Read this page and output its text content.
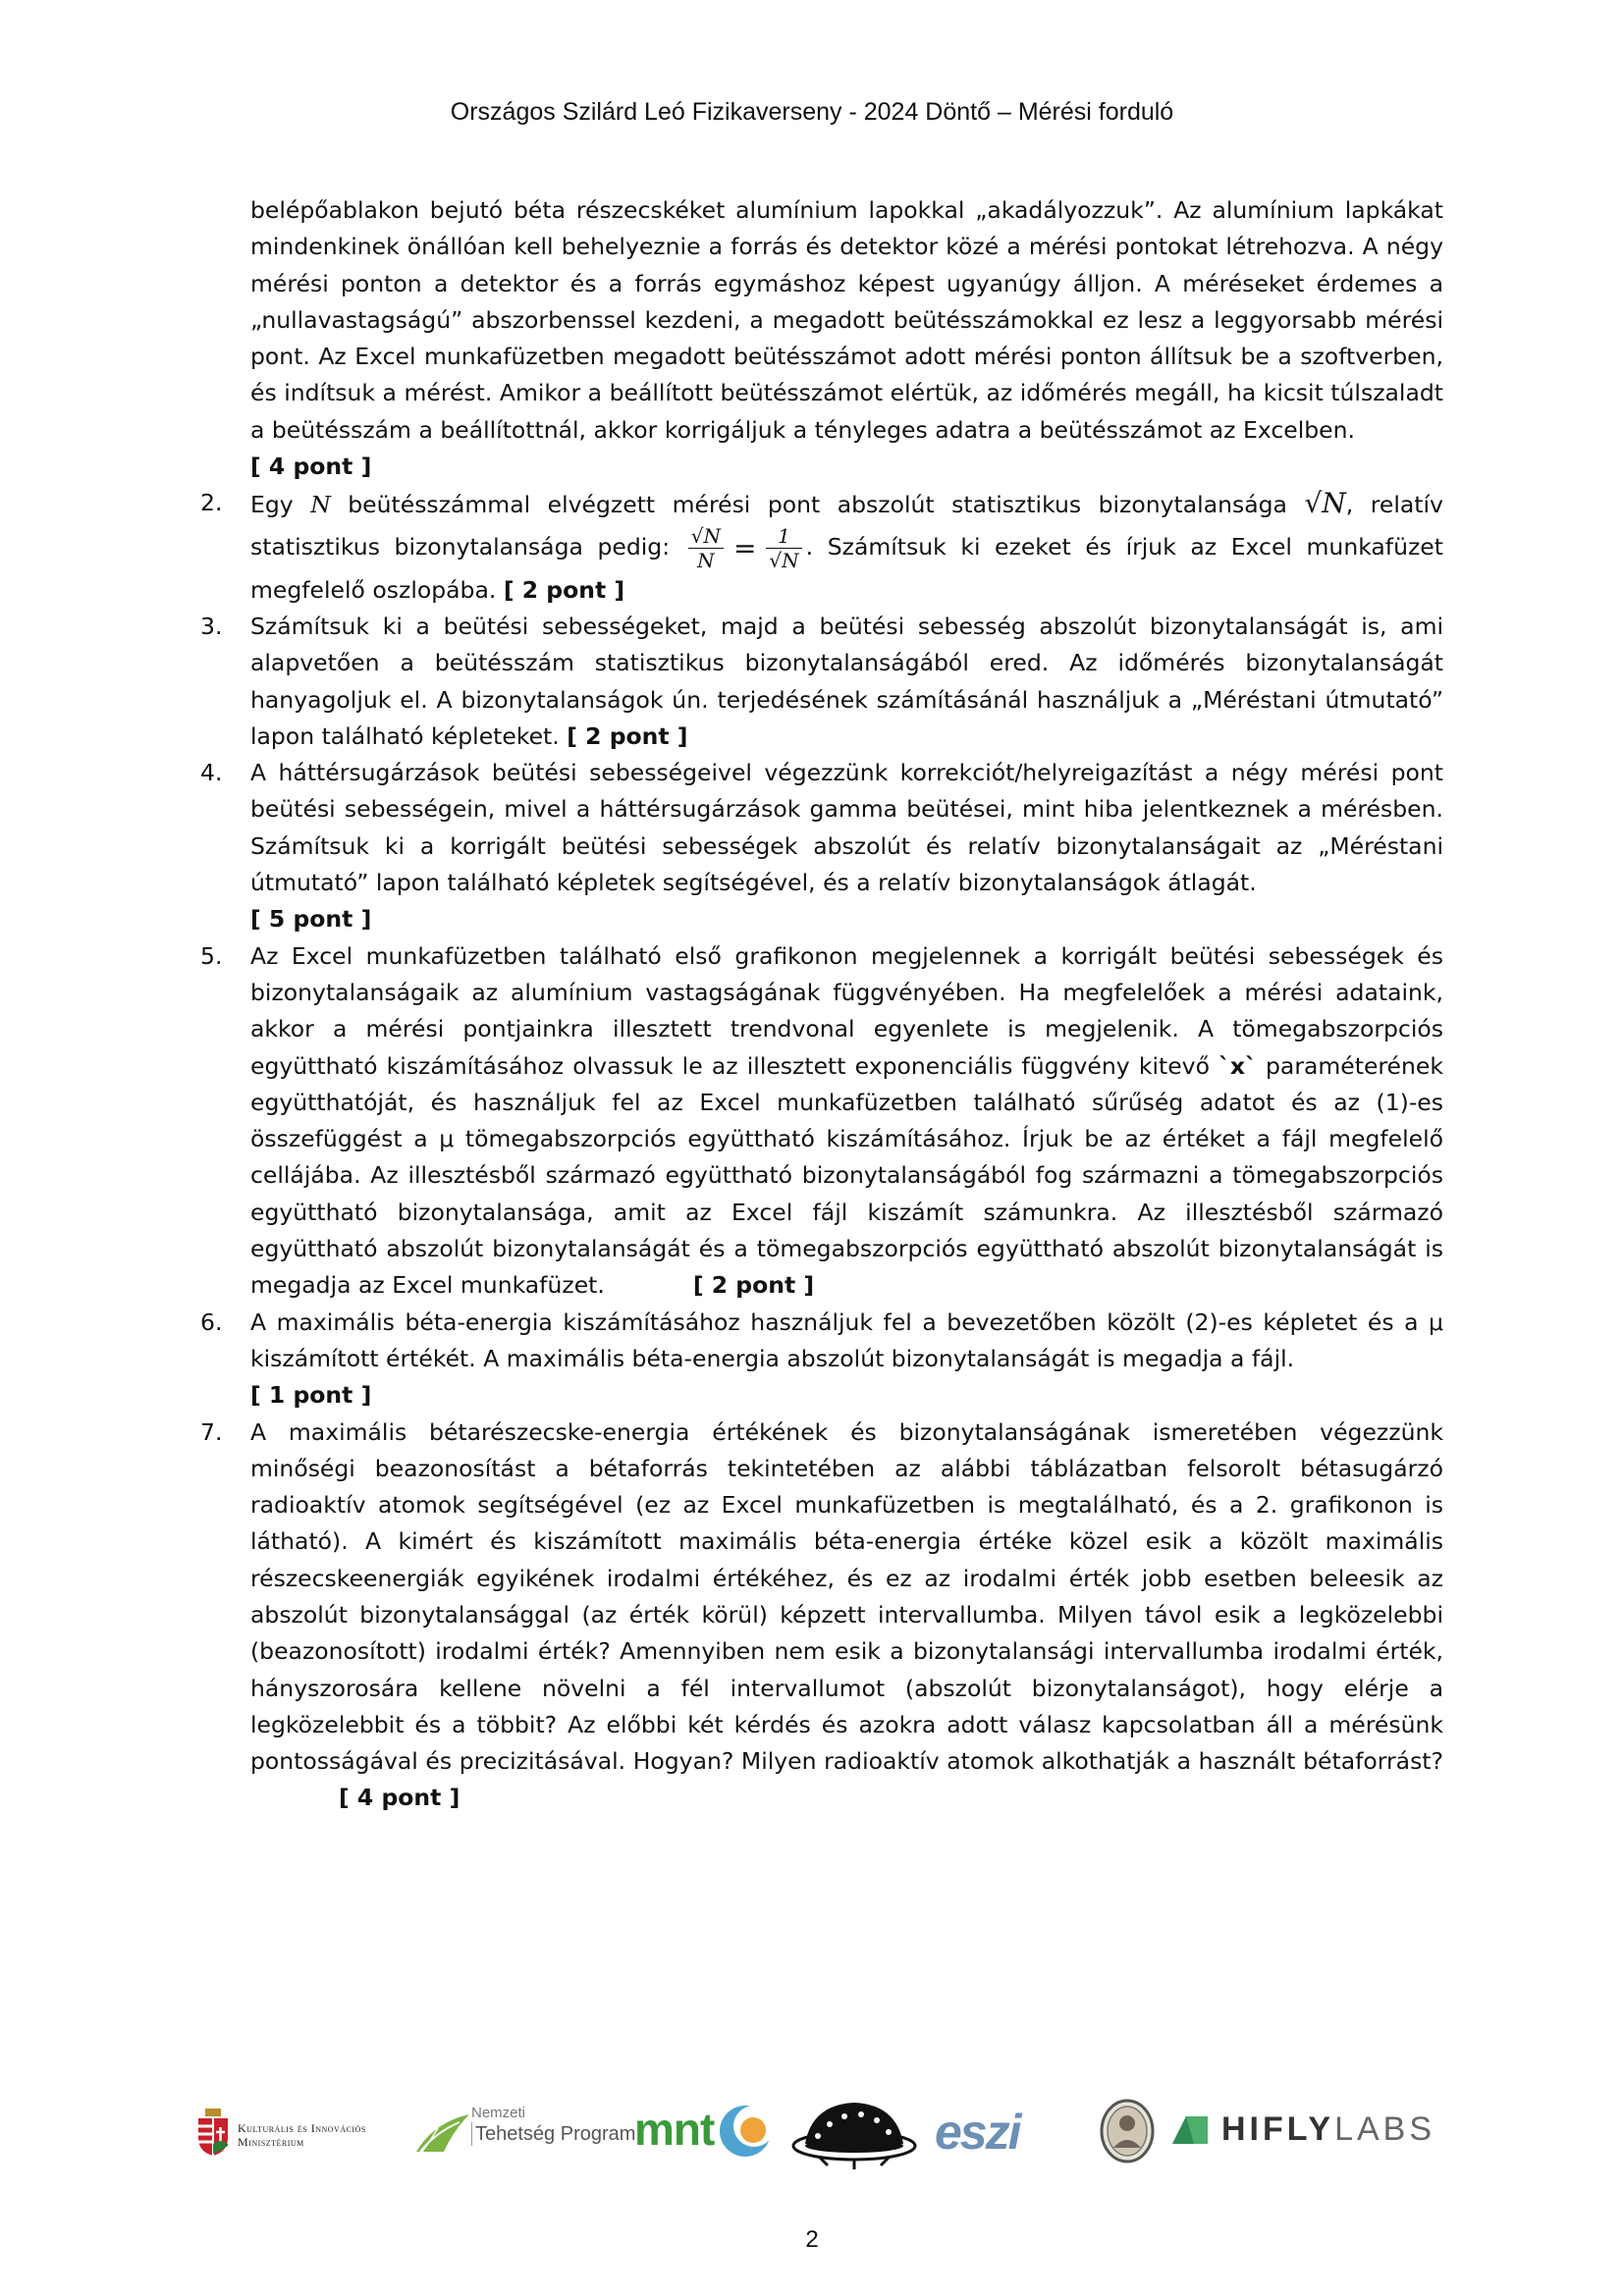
Országos Szilárd Leó Fizikaverseny - 2024 Döntő – Mérési forduló

belépőablakon bejutó béta részecskéket alumínium lapokkal „akadályozzuk”. Az alumínium lapkákat mindenkinek önállóan kell behelyeznie a forrás és detektor közé a mérési pontokat létrehozva. A négy mérési ponton a detektor és a forrás egymáshoz képest ugyanúgy álljon. A méréseket érdemes a „nullavastagságú” abszorbenssel kezdeni, a megadott beütésszámokkal ez lesz a leggyorsabb mérési pont. Az Excel munkafüzetben megadott beütésszámot adott mérési ponton állítsuk be a szoftverben, és indítsuk a mérést. Amikor a beállított beütésszámot elértük, az időmérés megáll, ha kicsit túlszaladt a beütésszám a beállítottnál, akkor korrigáljuk a tényleges adatra a beütésszámot az Excelben.[ 4 pont ]

2. Egy N beütésszámmal elvégzett mérési pont abszolút statisztikus bizonytalansága √N, relatív statisztikus bizonytalansága pedig: $\frac{√N}{N} = \frac{1}{√N}$ . Számítsuk ki ezeket és írjuk az Excel munkafüzet megfelelő oszlopába. [ 2 pont ]

3. Számítsuk ki a beütési sebességeket, majd a beütési sebesség abszolút bizonytalanságát is, ami alapvetően a beütésszám statisztikus bizonytalanságából ered. Az időmérés bizonytalanságát hanyagoljuk el. A bizonytalanságok ún. terjedésének számításánál használjuk a „Méréstani útmutató” lapon található képleteket. [ 2 pont ]

4. A háttérsugárzások beütési sebességeivel végezzünk korrekciót/helyreigazítást a négy mérési pont beütési sebességein, mivel a háttérsugárzások gamma beütései, mint hiba jelentkeznek a mérésben. Számítsuk ki a korrigált beütési sebességek abszolút és relatív bizonytalanságait az „Méréstani útmutató” lapon található képletek segítségével, és a relatív bizonytalanságok átlagát.
[ 5 pont ]

5. Az Excel munkafüzetben található első grafikonon megjelennek a korrigált beütési sebességek és bizonytalanságaik az alumínium vastagságának függvényében. Ha megfelelőek a mérési adataink, akkor a mérési pontjainkra illesztett trendvonal egyenlete is megjelenik. A tömegabszorpciós együttható kiszámításához olvassuk le az illesztett exponenciális függvény kitevő `x` paraméterének együtthatóját, és használjuk fel az Excel munkafüzetben található sűrűség adatot és az (1)-es összefüggést a μ tömegabszorpciós együttható kiszámításához. Írjuk be az értéket a fájl megfelelő cellájába. Az illesztésből származó együttható bizonytalanságából fog származni a tömegabszorpciós együttható bizonytalansága, amit az Excel fájl kiszámít számunkra. Az illesztésből származó együttható abszolút bizonytalanságát és a tömegabszorpciós együttható abszolút bizonytalanságát is megadja az Excel munkafüzet.	[ 2 pont ]

6. A maximális béta-energia kiszámításához használjuk fel a bevezetőben közölt (2)-es képletet és a μ kiszámított értékét. A maximális béta-energia abszolút bizonytalanságát is megadja a fájl.
[ 1 pont ]

7. A maximális bétarészecske-energia értékének és bizonytalanságának ismeretében végezzünk minőségi beazonosítást a bétaforrás tekintetében az alábbi táblázatban felsorolt bétasugárzó radioaktív atomok segítségével (ez az Excel munkafüzetben is megtalálható, és a 2. grafikonon is látható). A kimért és kiszámított maximális béta-energia értéke közel esik a közölt maximális részecskeenergiák egyikének irodalmi értékéhez, és ez az irodalmi érték jobb esetben beleesik az abszolút bizonytalansággal (az érték körül) képzett intervallumba. Milyen távol esik a legközelebbi (beazonosított) irodalmi érték? Amennyiben nem esik a bizonytalansági intervallumba irodalmi érték, hányszorosára kellene növelni a fél intervallumot (abszolút bizonytalanságot), hogy elérje a legközelebbit és a többit? Az előbbi két kérdés és azokra adott válasz kapcsolatban áll a mérésünk pontosságával és precizitásával. Hogyan? Milyen radioaktív atomok alkothatják a használt bétaforrást?[ 4 pont ]

Kulturális és Innovációs
Minisztérium
Nemzeti
Tehetség Program
mnt	eszi	HIFLYLABS
2
